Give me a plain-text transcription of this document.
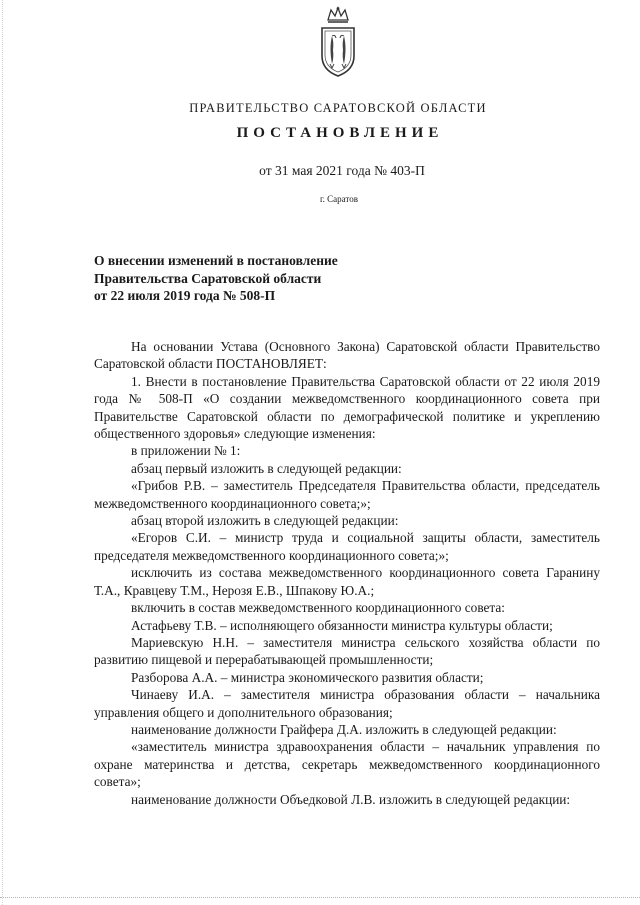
ПРАВИТЕЛЬСТВО САРАТОВСКОЙ ОБЛАСТИ
ПОСТАНОВЛЕНИЕ
от 31 мая 2021 года № 403-П
г. Саратов
О внесении изменений в постановление
Правительства Саратовской области
от 22 июля 2019 года № 508-П

На основании Устава (Основного Закона) Саратовской области Правительство Саратовской области ПОСТАНОВЛЯЕТ:

1. Внести в постановление Правительства Саратовской области от 22 июля 2019 года № 508-П «О создании межведомственного координационного совета при Правительстве Саратовской области по демографической политике и укреплению общественного здоровья» следующие изменения:

в приложении № 1:

абзац первый изложить в следующей редакции:

«Грибов Р.В. – заместитель Председателя Правительства области, председатель межведомственного координационного совета;»;

абзац второй изложить в следующей редакции:

«Егоров С.И. – министр труда и социальной защиты области, заместитель председателя межведомственного координационного совета;»;

исключить из состава межведомственного координационного совета Гаранину Т.А., Кравцеву Т.М., Нерозя Е.В., Шпакову Ю.А.;

включить в состав межведомственного координационного совета:

Астафьеву Т.В. – исполняющего обязанности министра культуры области;

Мариевскую Н.Н. – заместителя министра сельского хозяйства области по развитию пищевой и перерабатывающей промышленности;

Разборова А.А. – министра экономического развития области;

Чинаеву И.А. – заместителя министра образования области – начальника управления общего и дополнительного образования;

наименование должности Грайфера Д.А. изложить в следующей редакции:

«заместитель министра здравоохранения области – начальник управления по охране материнства и детства, секретарь межведомственного координационного совета»;

наименование должности Объедковой Л.В. изложить в следующей редакции:
